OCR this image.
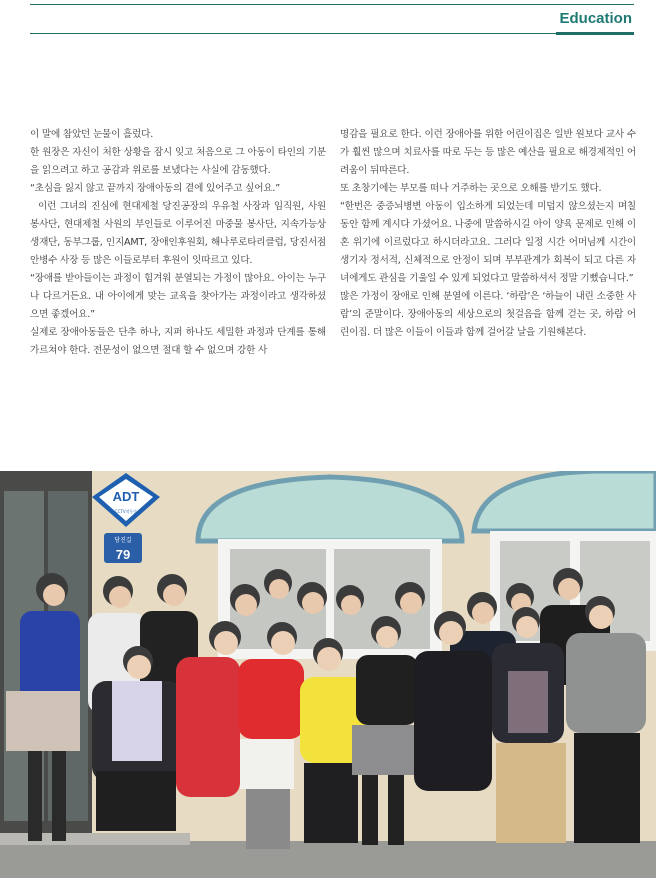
Education

이 말에 참았던 눈물이 흘렀다.

한 원장은 자신이 처한 상황을 잠시 잊고 처음으로 그 아동이 타인의 기분을 읽으려고 하고 공감과 위로를 보냈다는 사실에 감동했다.

“초심을 잃지 않고 끝까지 장애아동의 곁에 있어주고 싶어요.”

이런 그녀의 진심에 현대제철 당진공장의 우유철 사장과 임직원, 사원봉사단, 현대제철 사원의 부인들로 이루어진 마중물 봉사단, 지속가능상생재단, 동부그룹, 인지AMT, 장애인후원회, 해나루로타리클럽, 당진서점 안병수 사장 등 많은 이들로부터 후원이 잇따르고 있다.

“장애를 받아들이는 과정이 힘겨워 분열되는 가정이 많아요. 아이는 누구나 다르거든요. 내 아이에게 맞는 교육을 찾아가는 과정이라고 생각하셨으면 좋겠어요.”

실제로 장애아동들은 단추 하나, 지퍼 하나도 세밀한 과정과 단계를 통해 가르쳐야 한다. 전문성이 없으면 절대 할 수 없으며 강한 사

명감을 필요로 한다. 이런 장애아를 위한 어린이집은 일반 원보다 교사 수가 훨씬 많으며 치료사를 따로 두는 등 많은 예산을 필요로 해경제적인 어려움이 뒤따른다.

또 초창기에는 부모를 떠나 거주하는 곳으로 오해를 받기도 했다.

“한번은 중증뇌병변 아동이 입소하게 되었는데 미덥지 않으셨는지 며칠 동안 함께 계시다 가셨어요. 나중에 말씀하시길 아이 양육 문제로 인해 이혼 위기에 이르렀다고 하시더라고요. 그러다 일정 시간 어머님께 시간이 생기자 정서적, 신체적으로 안정이 되며 부부관계가 회복이 되고 다른 자녀에게도 관심을 기울일 수 있게 되었다고 말씀하셔서 정말 기뻤습니다.”

많은 가정이 장애로 인해 분열에 이른다. ‘하람’은 ‘하늘이 내린 소중한 사람’의 준말이다. 장애아동의 세상으로의 첫걸음을 함께 걷는 곳, 하람 어린이집. 더 많은 이들이 이들과 함께 걸어갈 날을 기원해본다.

ADT
CCTV작동중
당진길
79
